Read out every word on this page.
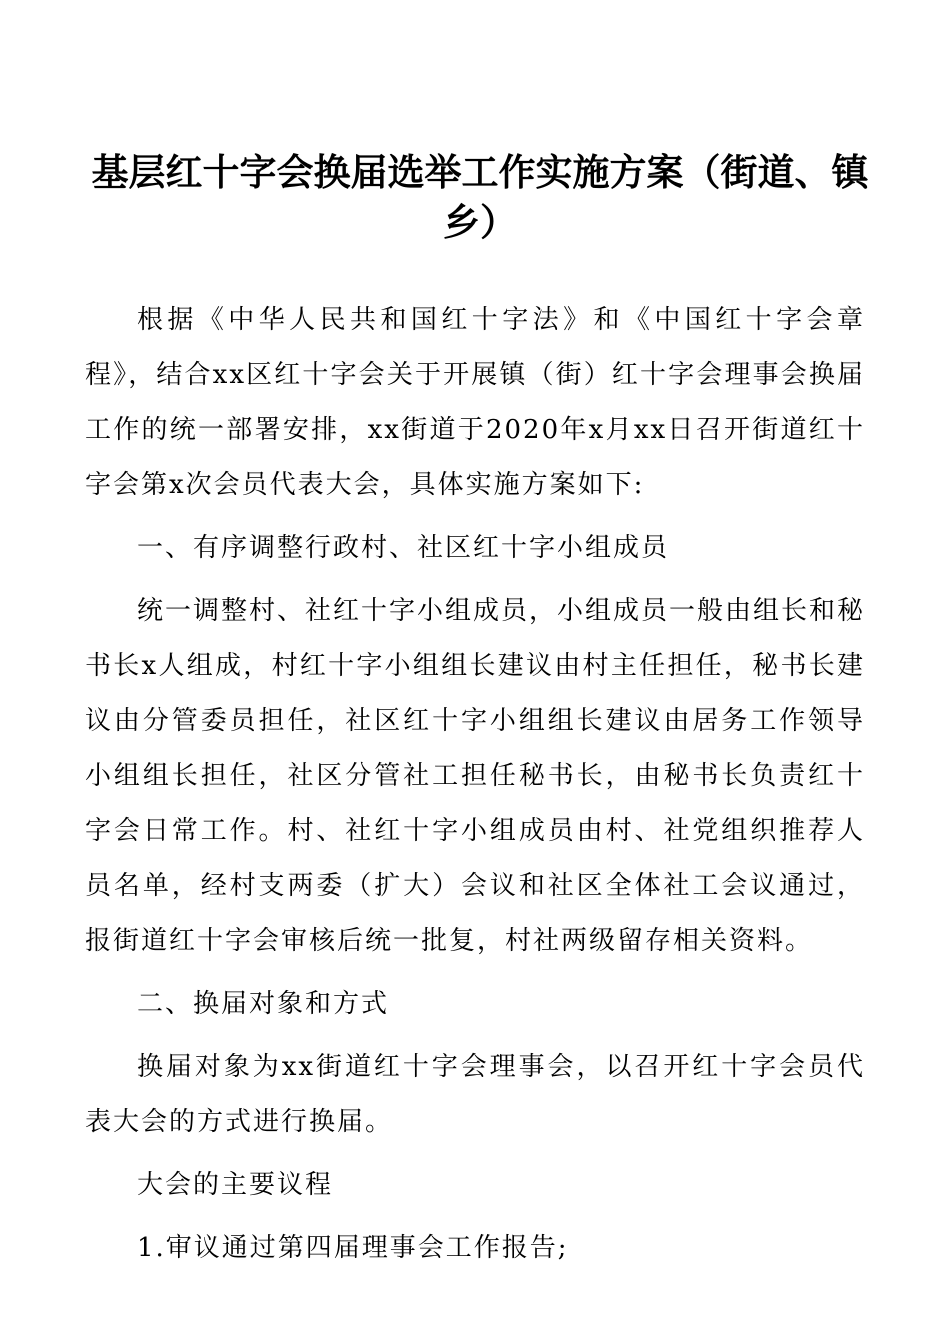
基层红十字会换届选举工作实施方案（街道、镇乡）

根据《中华人民共和国红十字法》和《中国红十字会章程》，结合xx区红十字会关于开展镇（街）红十字会理事会换届工作的统一部署安排，xx街道于2020年x月xx日召开街道红十字会第x次会员代表大会，具体实施方案如下:

一、有序调整行政村、社区红十字小组成员

统一调整村、社红十字小组成员，小组成员一般由组长和秘书长x人组成，村红十字小组组长建议由村主任担任，秘书长建议由分管委员担任，社区红十字小组组长建议由居务工作领导小组组长担任，社区分管社工担任秘书长，由秘书长负责红十字会日常工作。村、社红十字小组成员由村、社党组织推荐人员名单，经村支两委（扩大）会议和社区全体社工会议通过，报街道红十字会审核后统一批复，村社两级留存相关资料。

二、换届对象和方式

换届对象为xx街道红十字会理事会，以召开红十字会员代表大会的方式进行换届。

大会的主要议程

1.审议通过第四届理事会工作报告;
